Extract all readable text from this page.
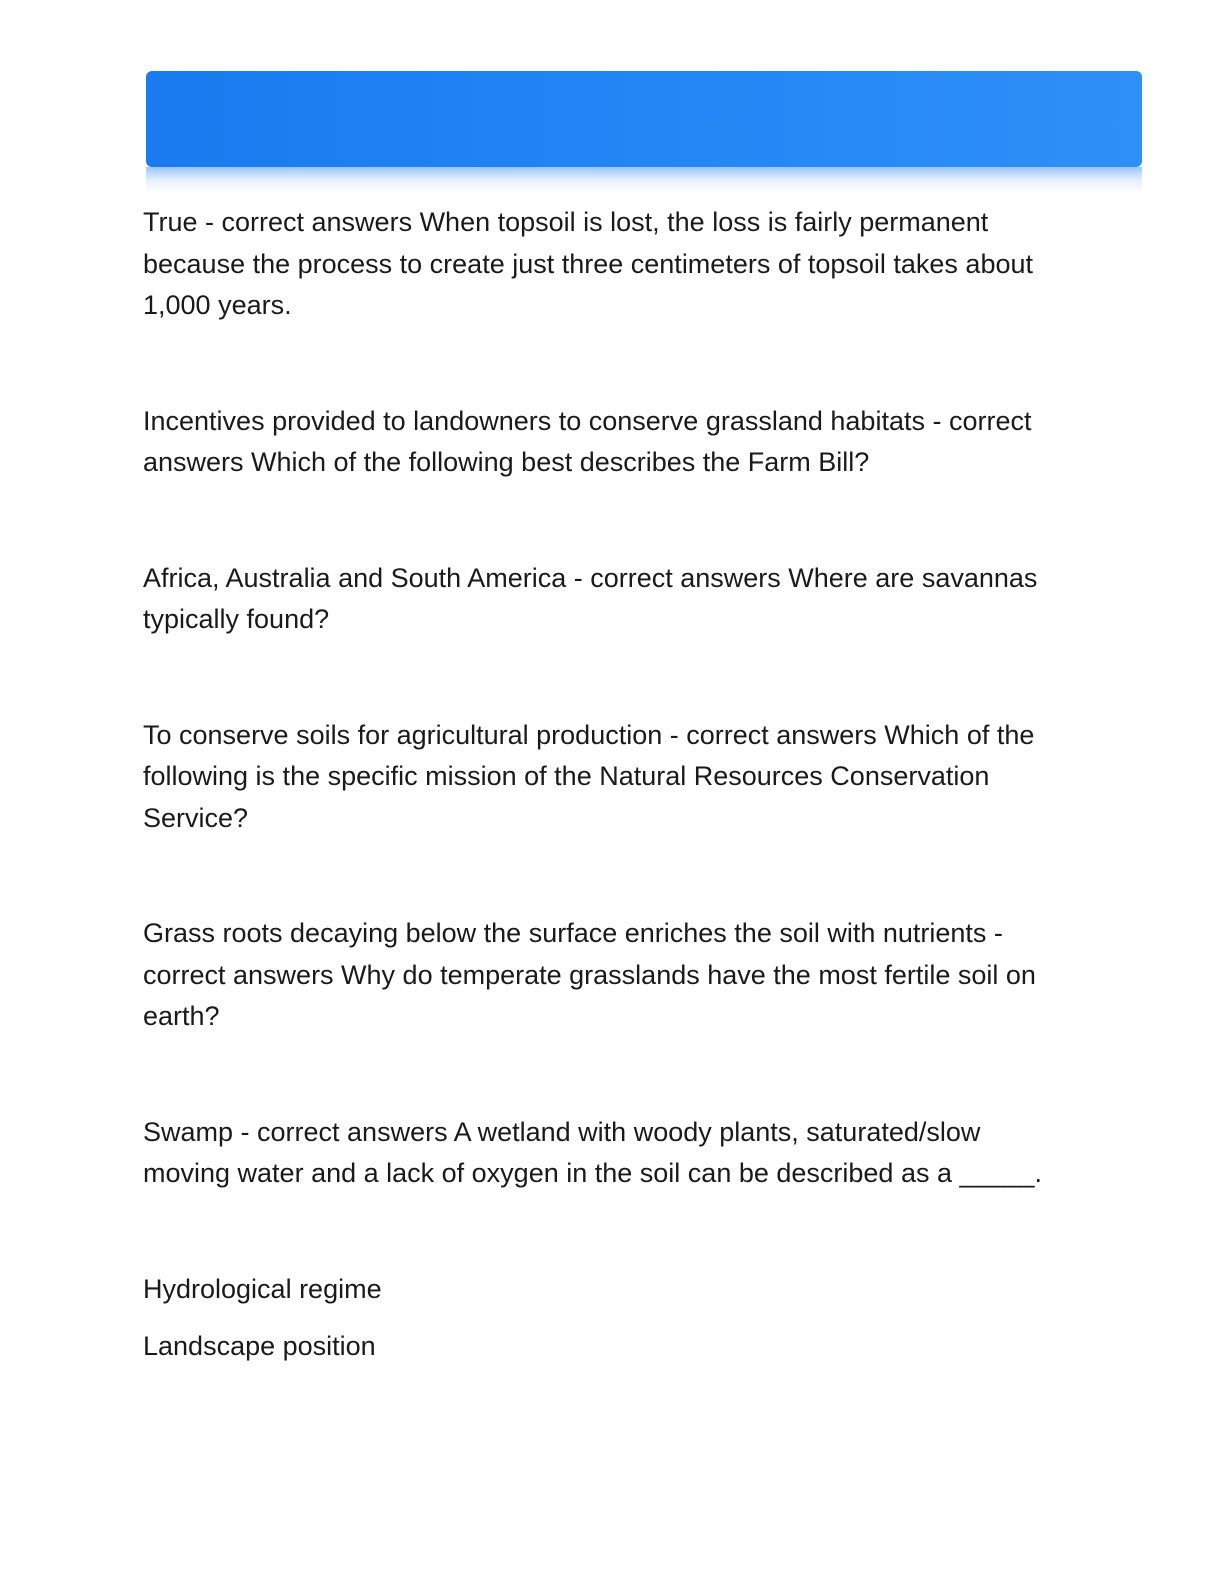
True - correct answers When topsoil is lost, the loss is fairly permanent because the process to create just three centimeters of topsoil takes about 1,000 years.

Incentives provided to landowners to conserve grassland habitats - correct answers Which of the following best describes the Farm Bill?

Africa, Australia and South America - correct answers Where are savannas typically found?

To conserve soils for agricultural production - correct answers Which of the following is the specific mission of the Natural Resources Conservation Service?

Grass roots decaying below the surface enriches the soil with nutrients - correct answers Why do temperate grasslands have the most fertile soil on earth?

Swamp - correct answers A wetland with woody plants, saturated/slow moving water and a lack of oxygen in the soil can be described as a _____.

Hydrological regime

Landscape position
